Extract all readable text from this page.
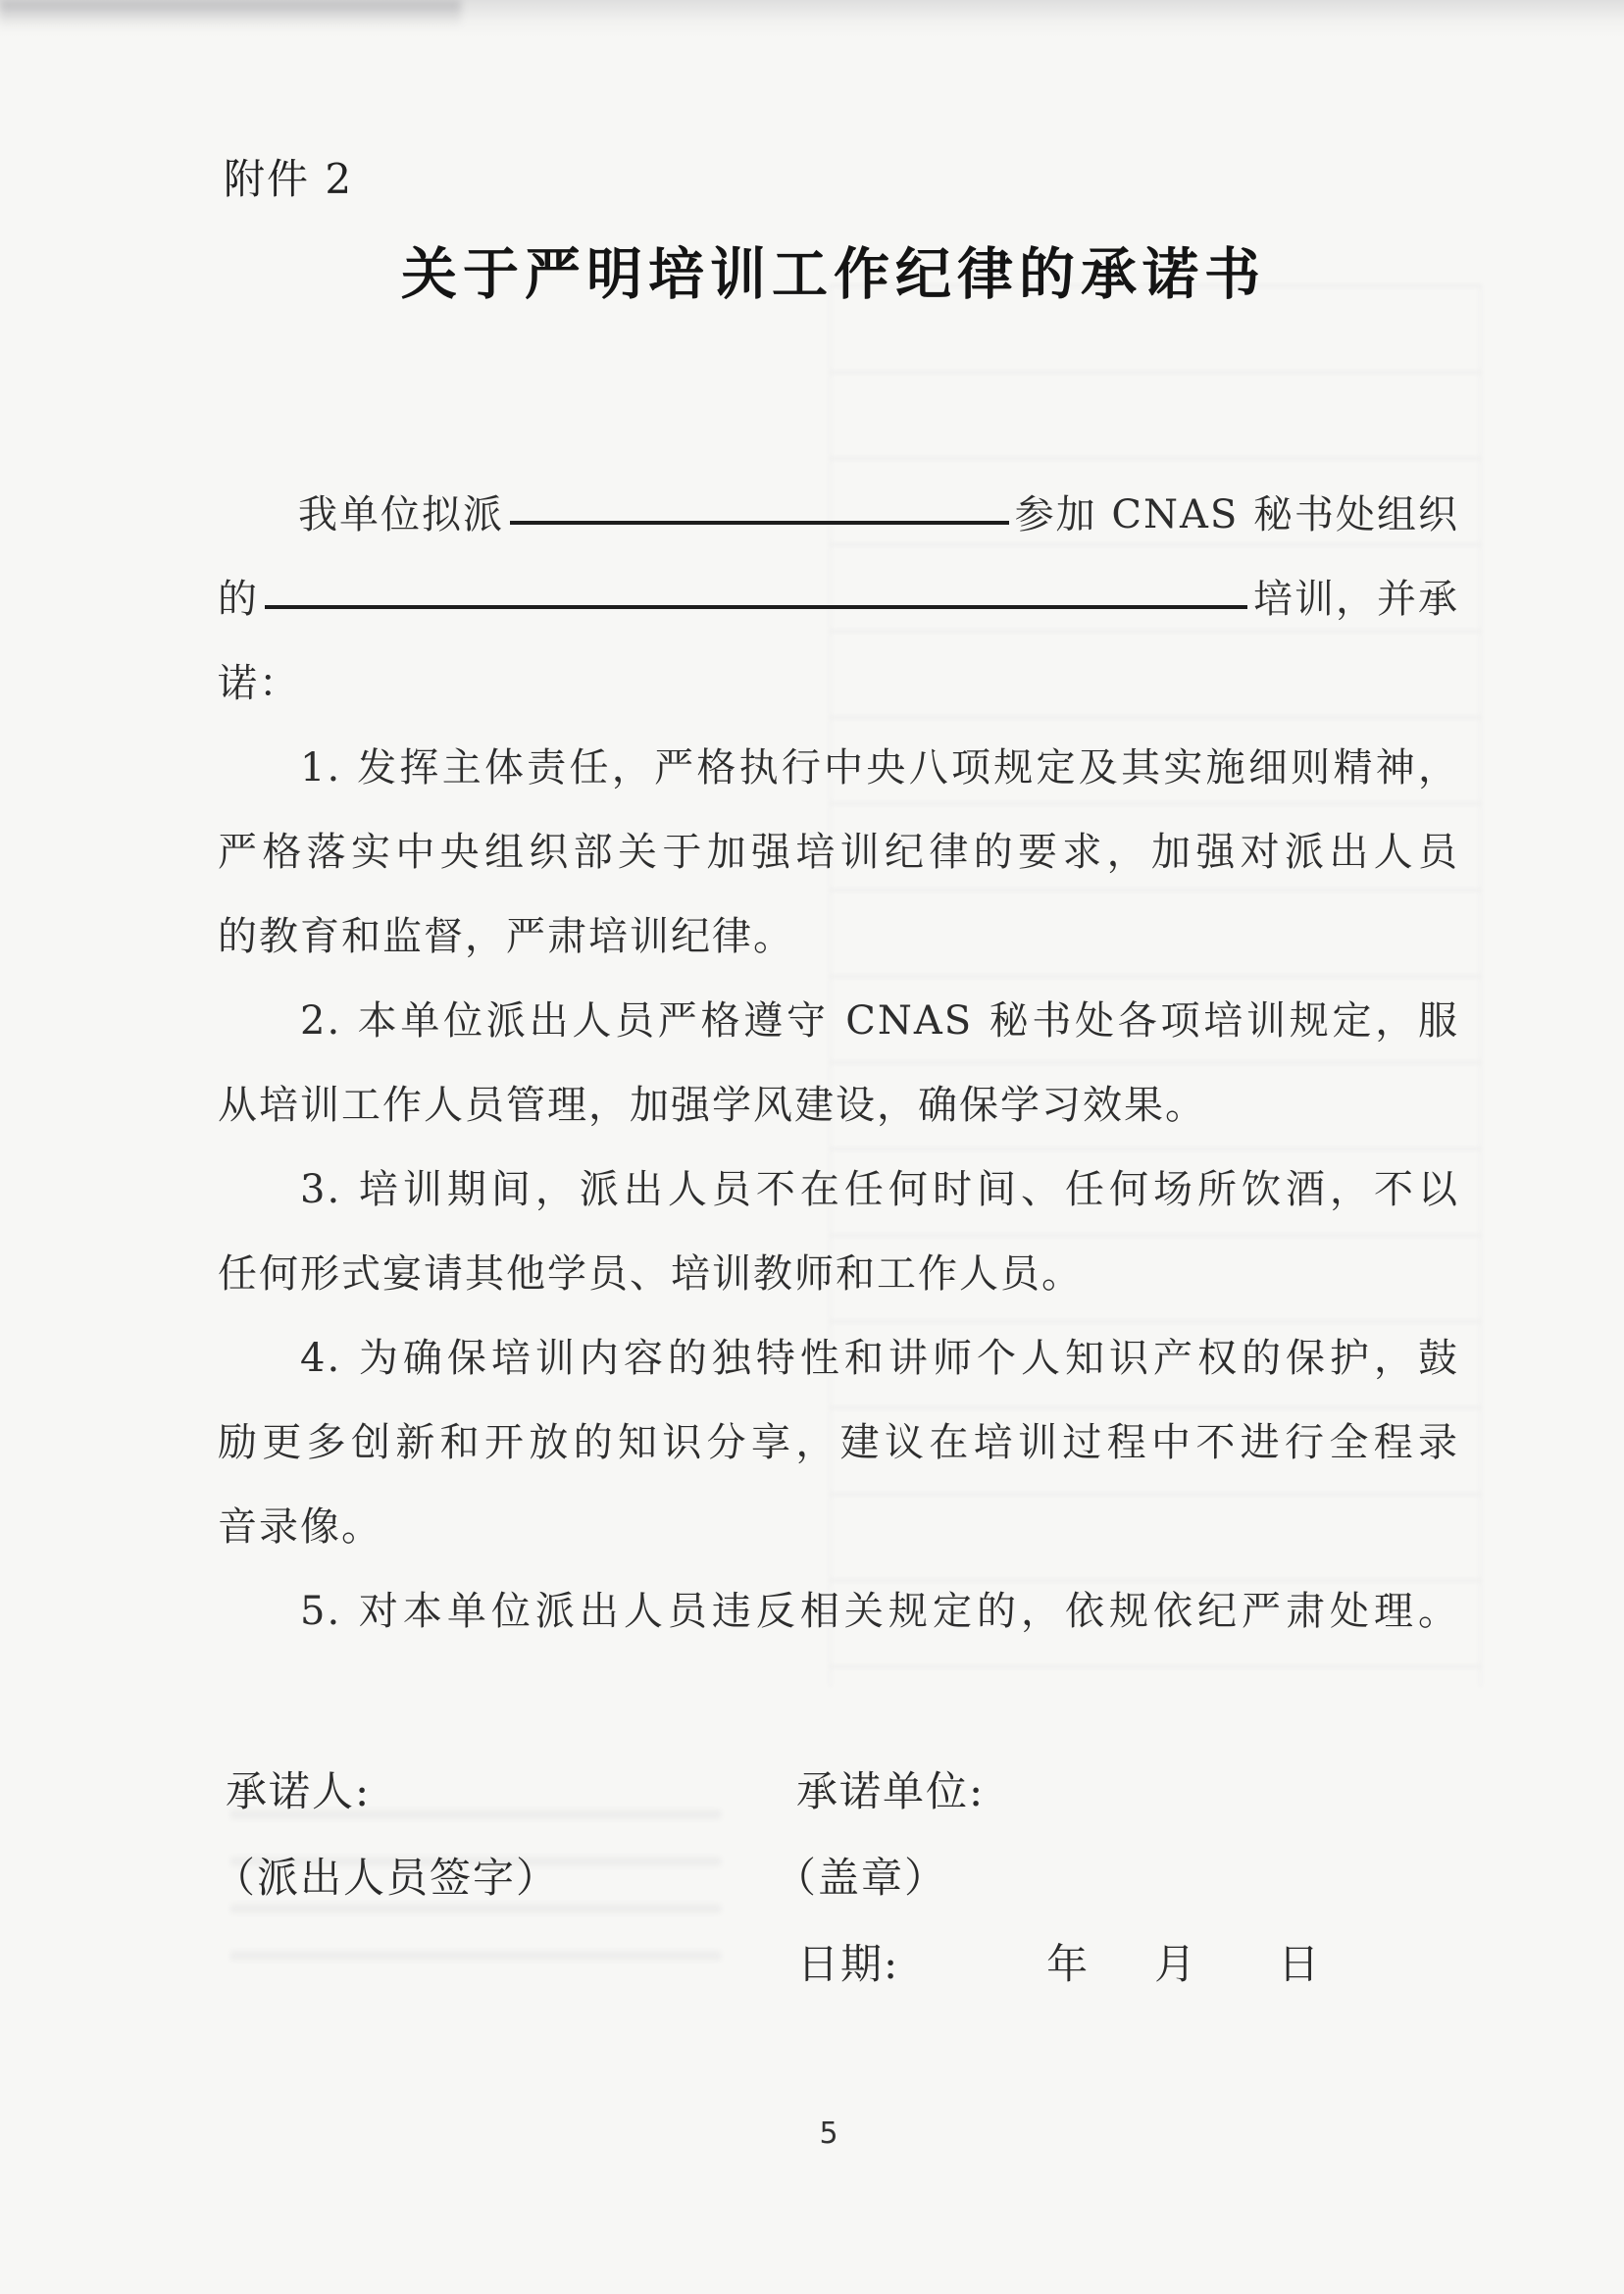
附件 2
关于严明培训工作纪律的承诺书
我单位拟派	参加 CNAS 秘书处组织
的	培训，并承
诺：
1. 发挥主体责任，严格执行中央八项规定及其实施细则精神，
严格落实中央组织部关于加强培训纪律的要求，加强对派出人员
的教育和监督，严肃培训纪律。
2. 本单位派出人员严格遵守 CNAS 秘书处各项培训规定，服
从培训工作人员管理，加强学风建设，确保学习效果。
3. 培训期间，派出人员不在任何时间、任何场所饮酒，不以
任何形式宴请其他学员、培训教师和工作人员。
4. 为确保培训内容的独特性和讲师个人知识产权的保护，鼓
励更多创新和开放的知识分享，建议在培训过程中不进行全程录
音录像。
5. 对本单位派出人员违反相关规定的，依规依纪严肃处理。
承诺人:	承诺单位:
（派出人员签字）	（盖章）
日期:	年 月 日
5
